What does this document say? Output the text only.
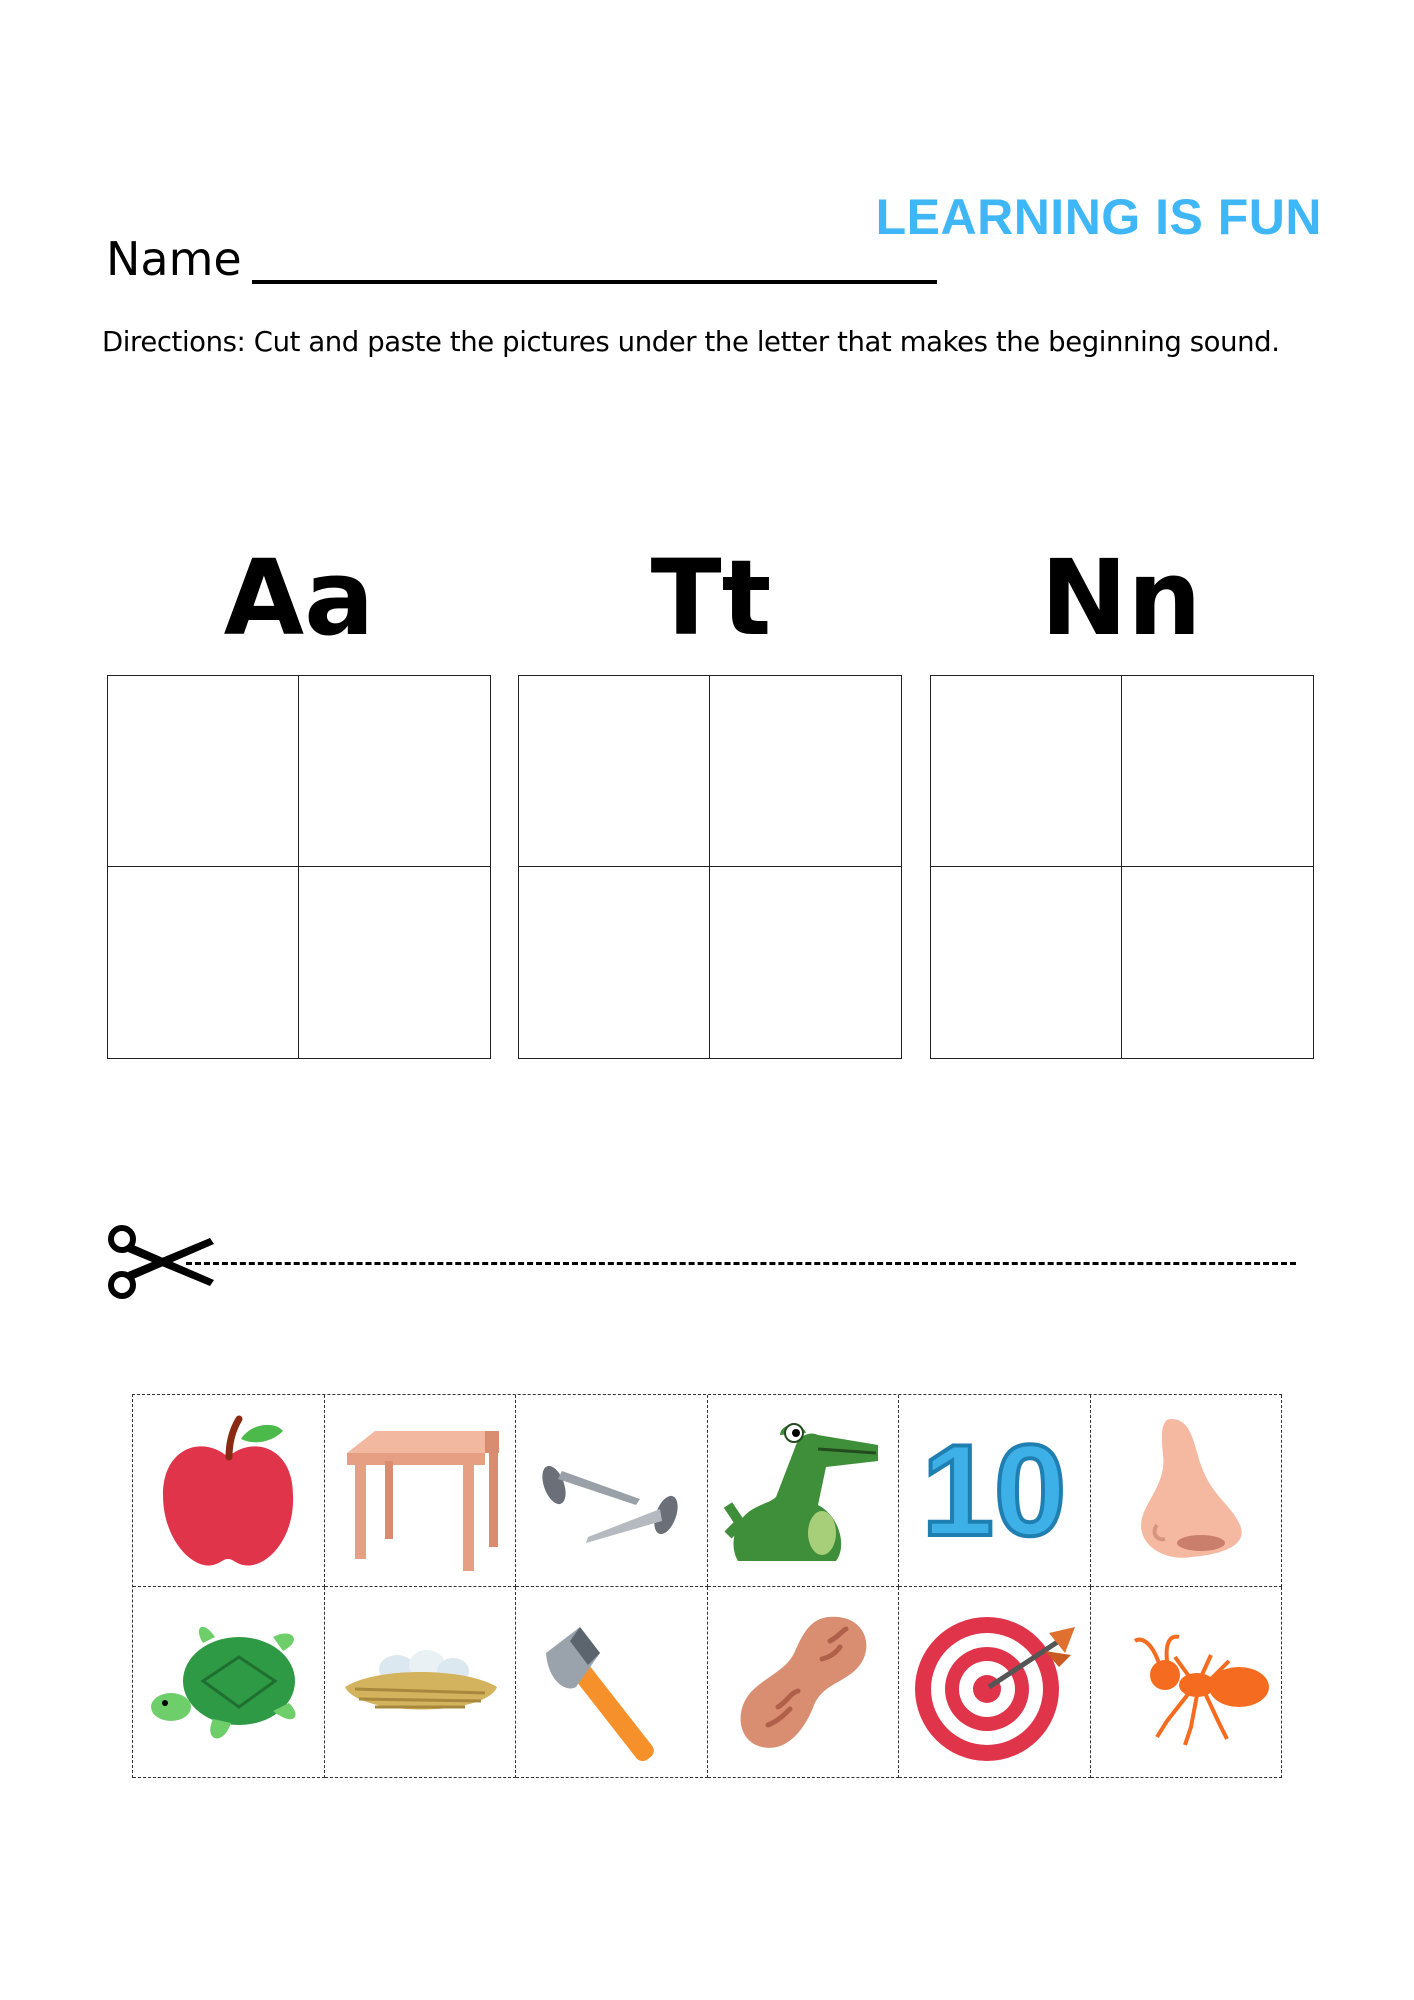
LEARNING IS FUN
Name
Directions: Cut and paste the pictures under the letter that makes the beginning sound.
Aa	Tt	Nn
10
